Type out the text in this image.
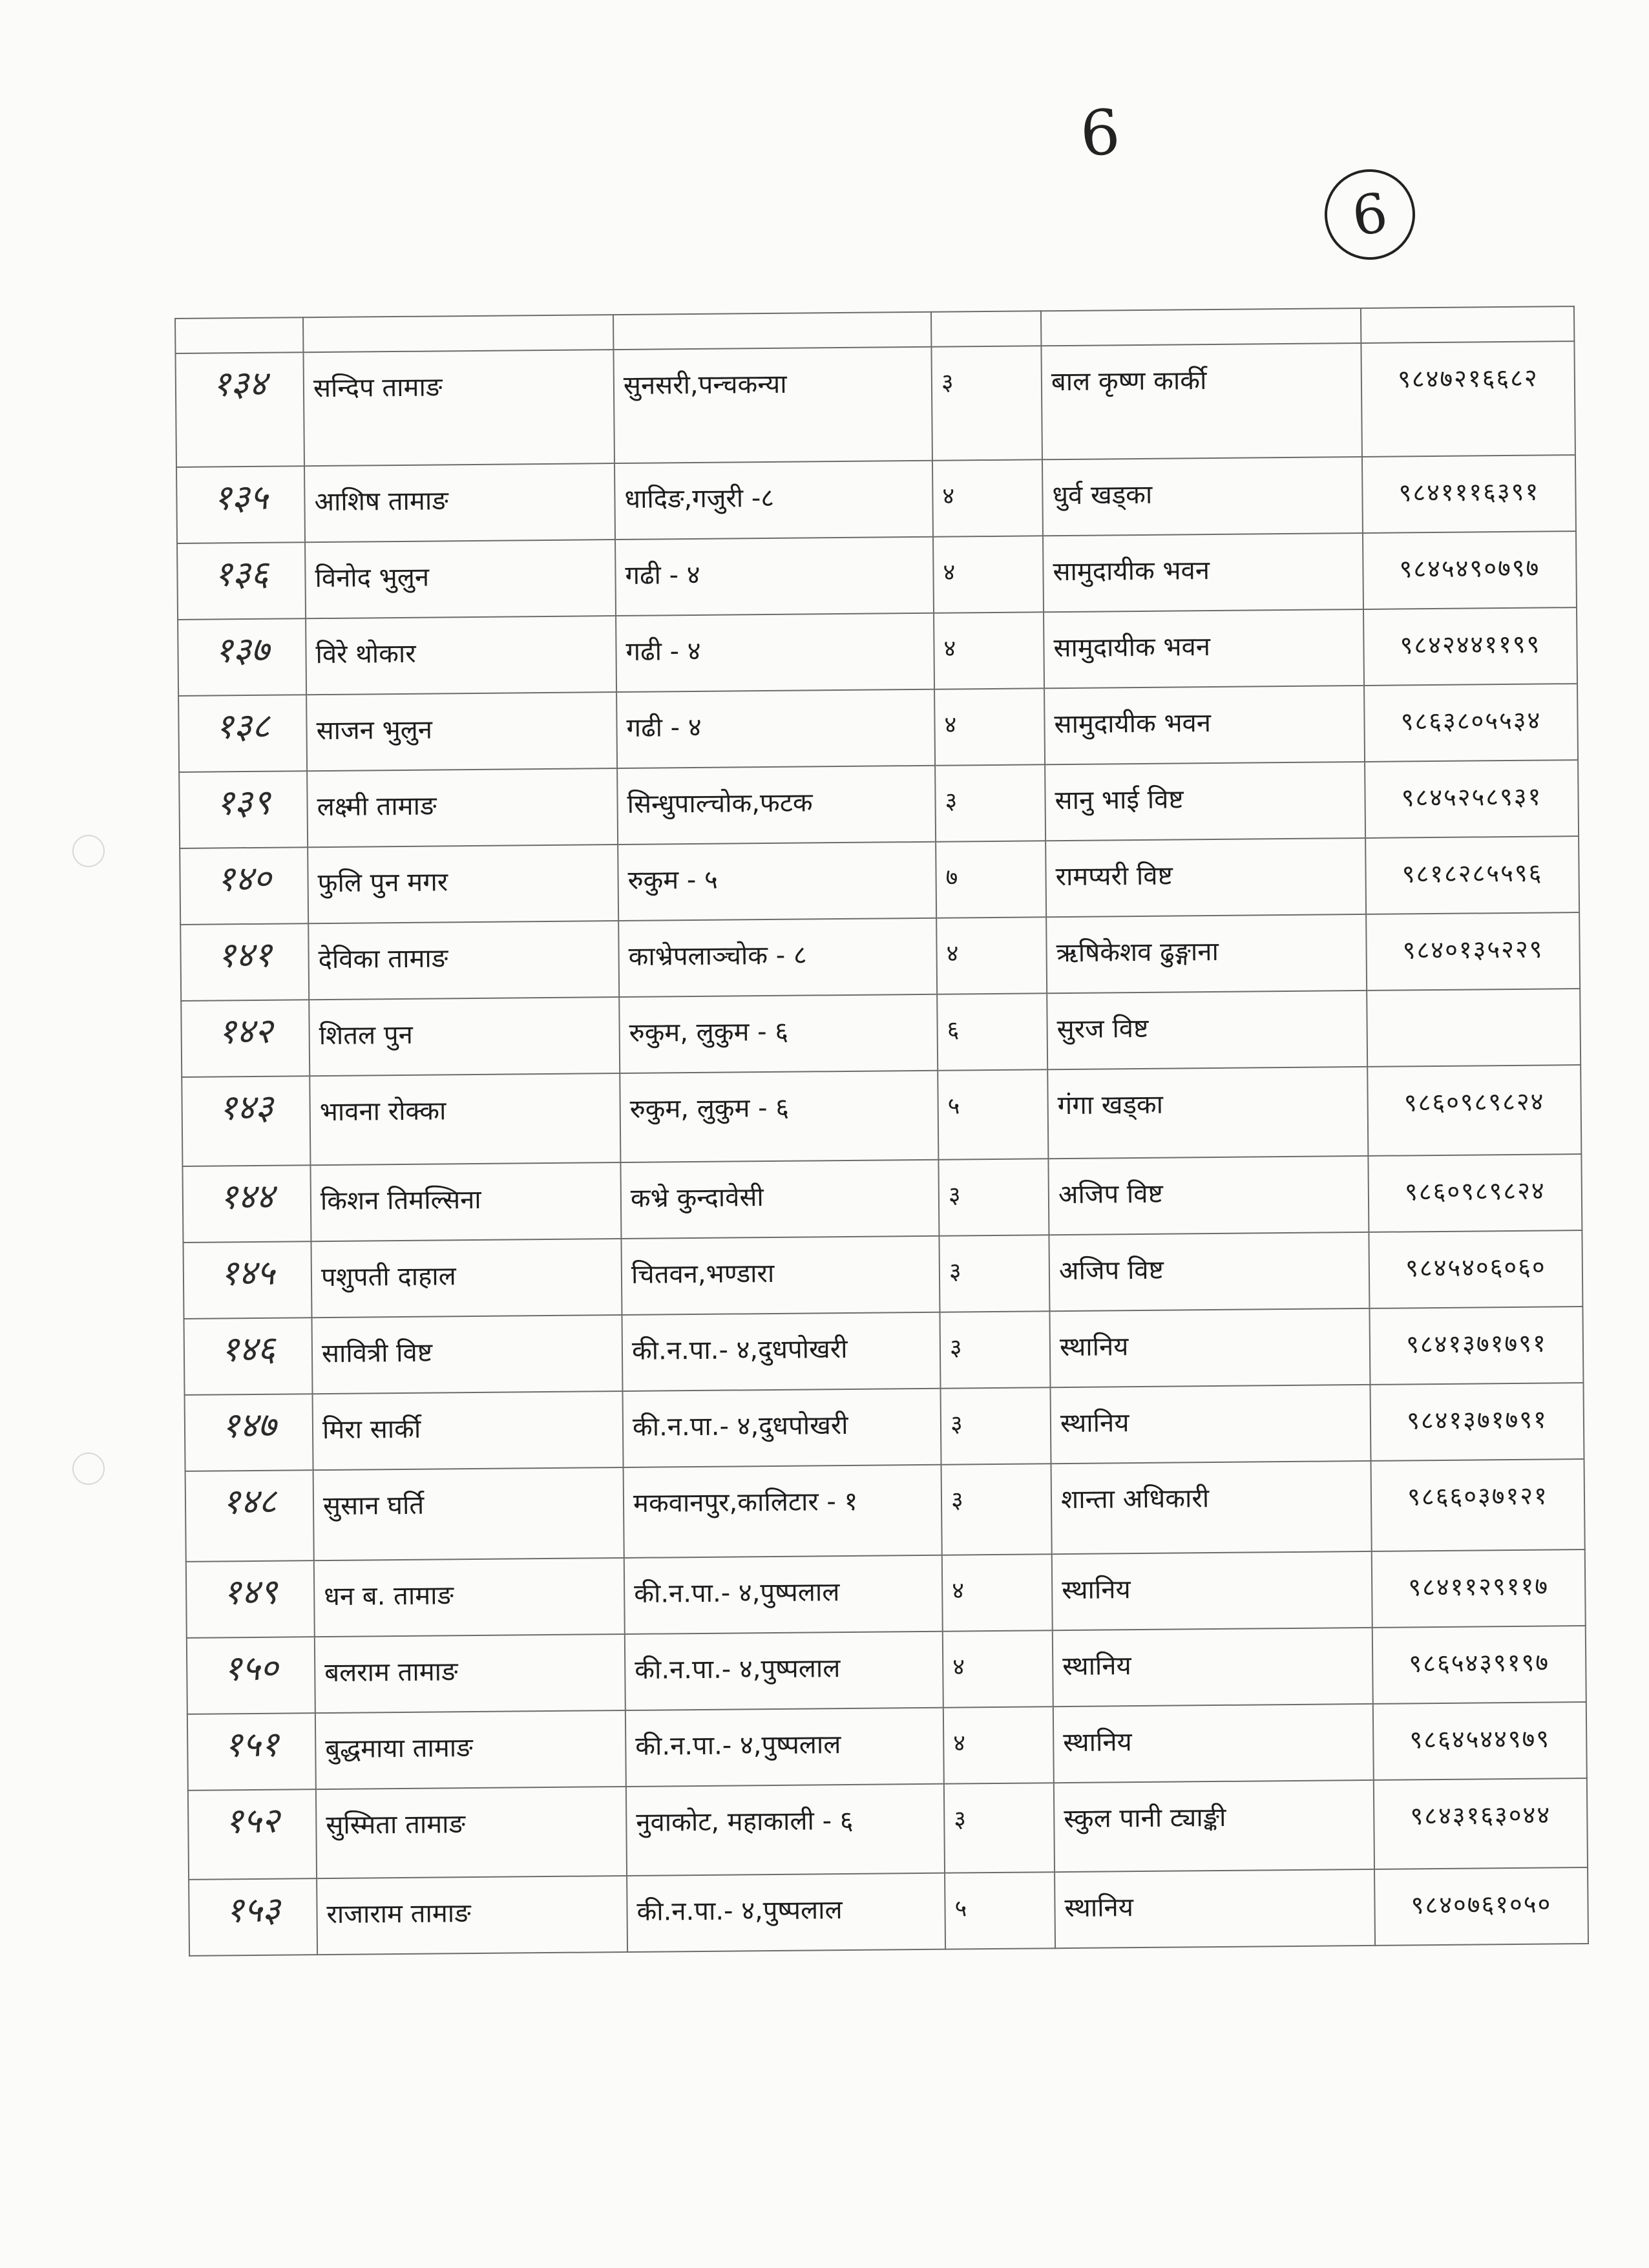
6
6

१३४	सन्दिप तामाङ	सुनसरी,पन्चकन्या	३	बाल कृष्ण कार्की	९८४७२१६६८२
१३५	आशिष तामाङ	धादिङ,गजुरी -८	४	धुर्व खड्का	९८४१११६३९१
१३६	विनोद भुलुन	गढी - ४	४	सामुदायीक भवन	९८४५४९०७९७
१३७	विरे थोकार	गढी - ४	४	सामुदायीक भवन	९८४२४४११९९
१३८	साजन भुलुन	गढी - ४	४	सामुदायीक भवन	९८६३८०५५३४
१३९	लक्ष्मी तामाङ	सिन्धुपाल्चोक,फटक	३	सानु भाई विष्ट	९८४५२५८९३१
१४०	फुलि पुन मगर	रुकुम - ५	७	रामप्यरी विष्ट	९८१८२८५५९६
१४१	देविका तामाङ	काभ्रेपलाञ्चोक - ८	४	ऋषिकेशव ढुङ्गाना	९८४०१३५२२९
१४२	शितल पुन	रुकुम, लुकुम - ६	६	सुरज विष्ट	
१४३	भावना रोक्का	रुकुम, लुकुम - ६	५	गंगा खड्का	९८६०९८९८२४
१४४	किशन तिमल्सिना	कभ्रे कुन्दावेसी	३	अजिप विष्ट	९८६०९८९८२४
१४५	पशुपती दाहाल	चितवन,भण्डारा	३	अजिप विष्ट	९८४५४०६०६०
१४६	सावित्री विष्ट	की.न.पा.- ४,दुधपोखरी	३	स्थानिय	९८४१३७१७९१
१४७	मिरा सार्की	की.न.पा.- ४,दुधपोखरी	३	स्थानिय	९८४१३७१७९१
१४८	सुसान घर्ति	मकवानपुर,कालिटार - १	३	शान्ता अधिकारी	९८६६०३७१२१
१४९	धन ब. तामाङ	की.न.पा.- ४,पुष्पलाल	४	स्थानिय	९८४११२९११७
१५०	बलराम तामाङ	की.न.पा.- ४,पुष्पलाल	४	स्थानिय	९८६५४३९१९७
१५१	बुद्धमाया तामाङ	की.न.पा.- ४,पुष्पलाल	४	स्थानिय	९८६४५४४९७९
१५२	सुस्मिता तामाङ	नुवाकोट, महाकाली - ६	३	स्कुल पानी ट्याङ्की	९८४३१६३०४४
१५३	राजाराम तामाङ	की.न.पा.- ४,पुष्पलाल	५	स्थानिय	९८४०७६१०५०
